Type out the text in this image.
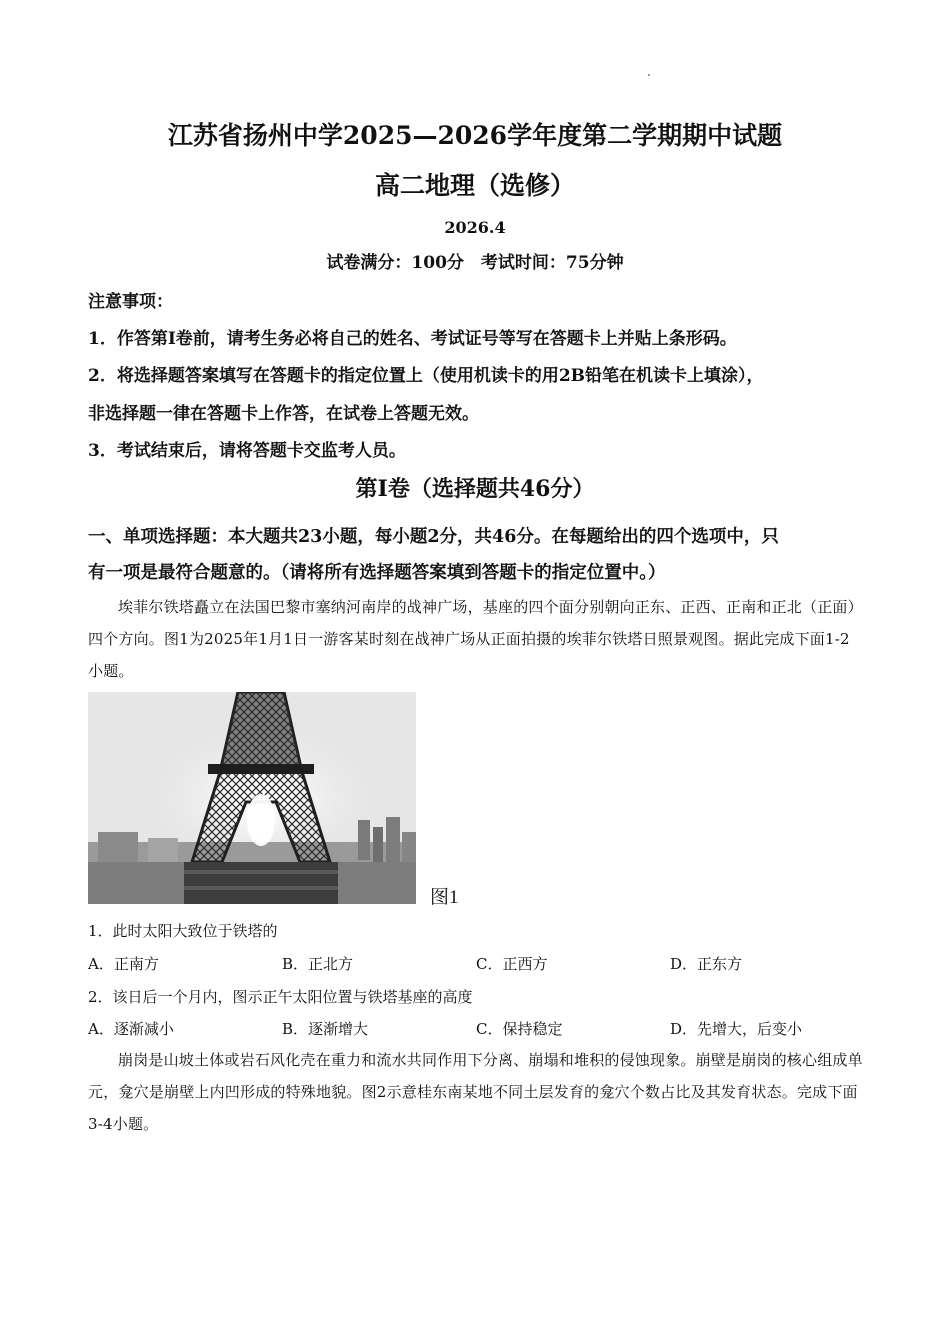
江苏省扬州中学2025—2026学年度第二学期期中试题
高二地理（选修）
2026.4
试卷满分：100分　考试时间：75分钟
注意事项：
1．作答第I卷前，请考生务必将自己的姓名、考试证号等写在答题卡上并贴上条形码。
2．将选择题答案填写在答题卡的指定位置上（使用机读卡的用2B铅笔在机读卡上填涂），
非选择题一律在答题卡上作答，在试卷上答题无效。
3．考试结束后，请将答题卡交监考人员。
第I卷（选择题共46分）
一、单项选择题：本大题共23小题，每小题2分，共46分。在每题给出的四个选项中，只
有一项是最符合题意的。（请将所有选择题答案填到答题卡的指定位置中。）
埃菲尔铁塔矗立在法国巴黎市塞纳河南岸的战神广场，基座的四个面分别朝向正东、正西、正南和正北（正面）四个方向。图1为2025年1月1日一游客某时刻在战神广场从正面拍摄的埃菲尔铁塔日照景观图。据此完成下面1-2小题。
图1
1．此时太阳大致位于铁塔的
A．正南方	B．正北方	C．正西方	D．正东方
2．该日后一个月内，图示正午太阳位置与铁塔基座的高度
A．逐渐减小	B．逐渐增大	C．保持稳定	D．先增大，后变小
崩岗是山坡土体或岩石风化壳在重力和流水共同作用下分离、崩塌和堆积的侵蚀现象。崩壁是崩岗的核心组成单元，龛穴是崩壁上内凹形成的特殊地貌。图2示意桂东南某地不同土层发育的龛穴个数占比及其发育状态。完成下面3-4小题。
